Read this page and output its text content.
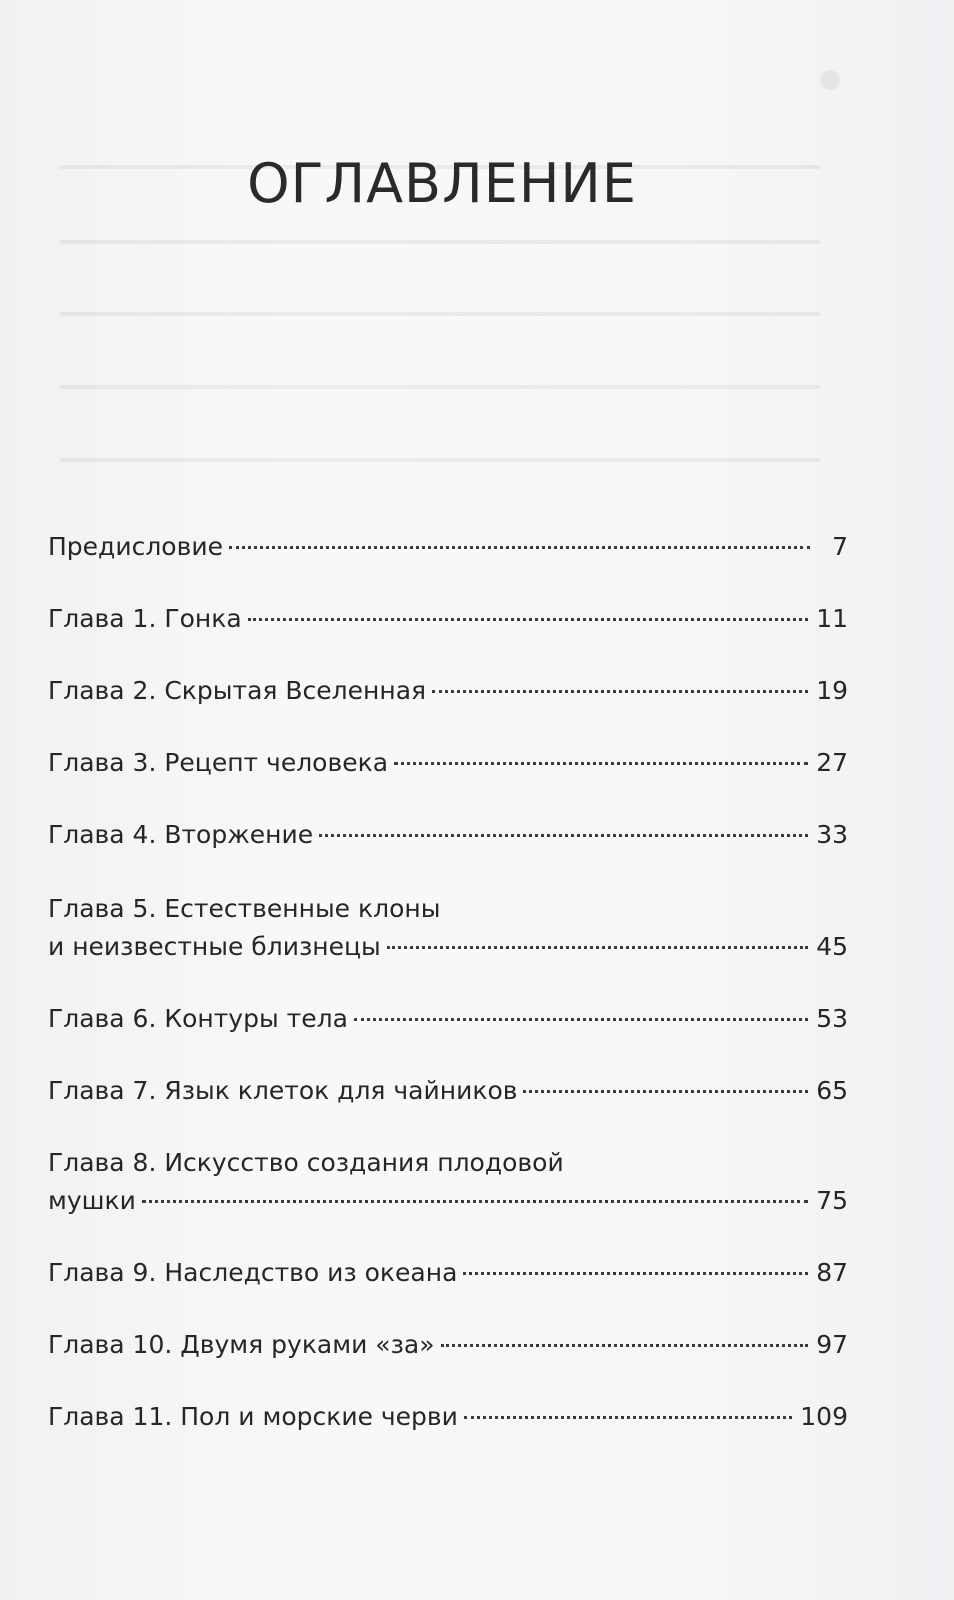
ОГЛАВЛЕНИЕ
Предисловие	7
Глава 1. Гонка	11
Глава 2. Скрытая Вселенная	19
Глава 3. Рецепт человека	27
Глава 4. Вторжение	33
Глава 5. Естественные клоны
и неизвестные близнецы	45
Глава 6. Контуры тела	53
Глава 7. Язык клеток для чайников	65
Глава 8. Искусство создания плодовой
мушки	75
Глава 9. Наследство из океана	87
Глава 10. Двумя руками «за»	97
Глава 11. Пол и морские черви	109
